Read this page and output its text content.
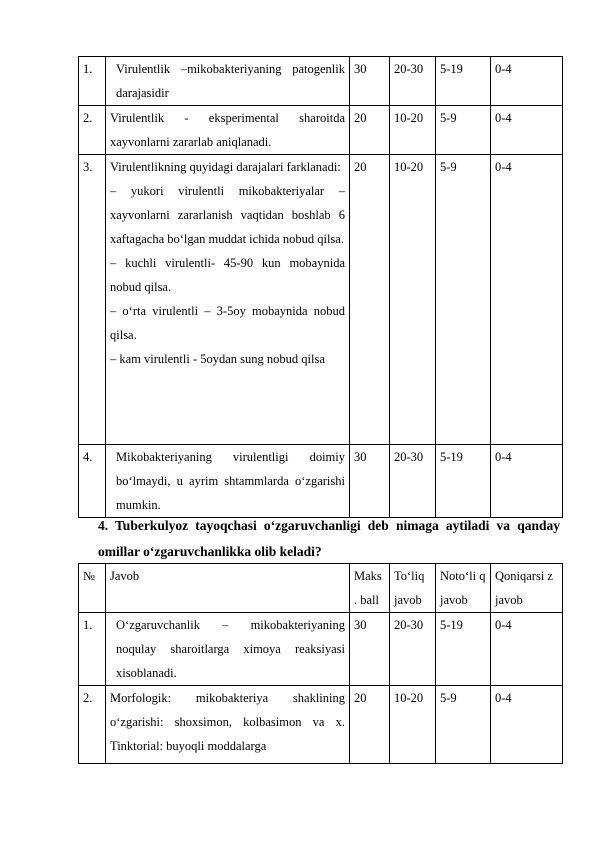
1.	Virulentlik –mikobakteriyaning patogenlik darajasidir	30	20-30	5-19	0-4
2.	Virulentlik - eksperimental sharoitda xayvonlarni zararlab aniqlanadi.	20	10-20	5-9	0-4
3.	Virulentlikning quyidagi darajalari farklanadi:

– yukori virulentli mikobakteriyalar – xayvonlarni zararlanish vaqtidan boshlab 6 xaftagacha bo‘lgan muddat ichida nobud qilsa.

– kuchli virulentli- 45-90 kun mobaynida nobud qilsa.

– o‘rta virulentli – 3-5oy mobaynida nobud qilsa.

– kam virulentli - 5oydan sung nobud qilsa	20	10-20	5-9	0-4
4.	Mikobakteriyaning virulentligi doimiy bo‘lmaydi, u ayrim shtammlarda o‘zgarishi mumkin.	30	20-30	5-19	0-4

4. Tuberkulyoz tayoqchasi o‘zgaruvchanligi deb nimaga aytiladi va qanday omillar o‘zgaruvchanlikka olib keladi?

№	Javob	Maks . ball	To‘liq javob	Noto‘li q javob	Qoniqarsi z javob
1.	O‘zgaruvchanlik – mikobakteriyaning noqulay sharoitlarga ximoya reaksiyasi xisoblanadi.	30	20-30	5-19	0-4
2.	Morfologik: mikobakteriya shaklining o‘zgarishi: shoxsimon, kolbasimon va x. Tinktorial: buyoqli moddalarga	20	10-20	5-9	0-4
